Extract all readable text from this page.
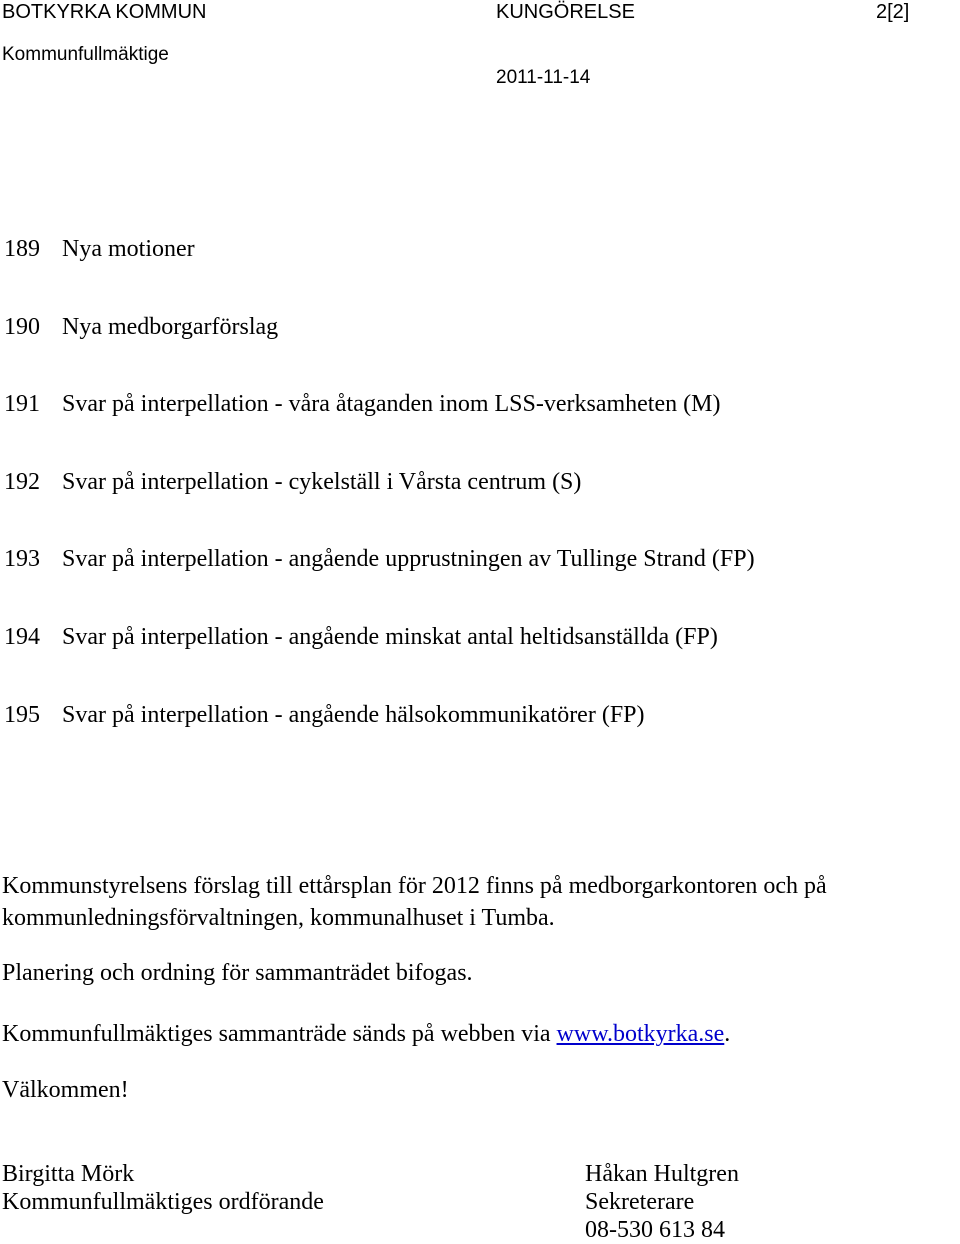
BOTKYRKA KOMMUN	KUNGÖRELSE	2[2]
Kommunfullmäktige
2011-11-14
189 Nya motioner
190 Nya medborgarförslag
191 Svar på interpellation - våra åtaganden inom LSS-verksamheten (M)
192 Svar på interpellation - cykelställ i Vårsta centrum (S)
193 Svar på interpellation - angående upprustningen av Tullinge Strand (FP)
194 Svar på interpellation - angående minskat antal heltidsanställda (FP)
195 Svar på interpellation - angående hälsokommunikatörer (FP)

Kommunstyrelsens förslag till ettårsplan för 2012 finns på medborgarkontoren och på
kommunledningsförvaltningen, kommunalhuset i Tumba.

Planering och ordning för sammanträdet bifogas.

Kommunfullmäktiges sammanträde sänds på webben via www.botkyrka.se.

Välkommen!

Birgitta Mörk
Kommunfullmäktiges ordförande
Håkan Hultgren
Sekreterare
08-530 613 84
